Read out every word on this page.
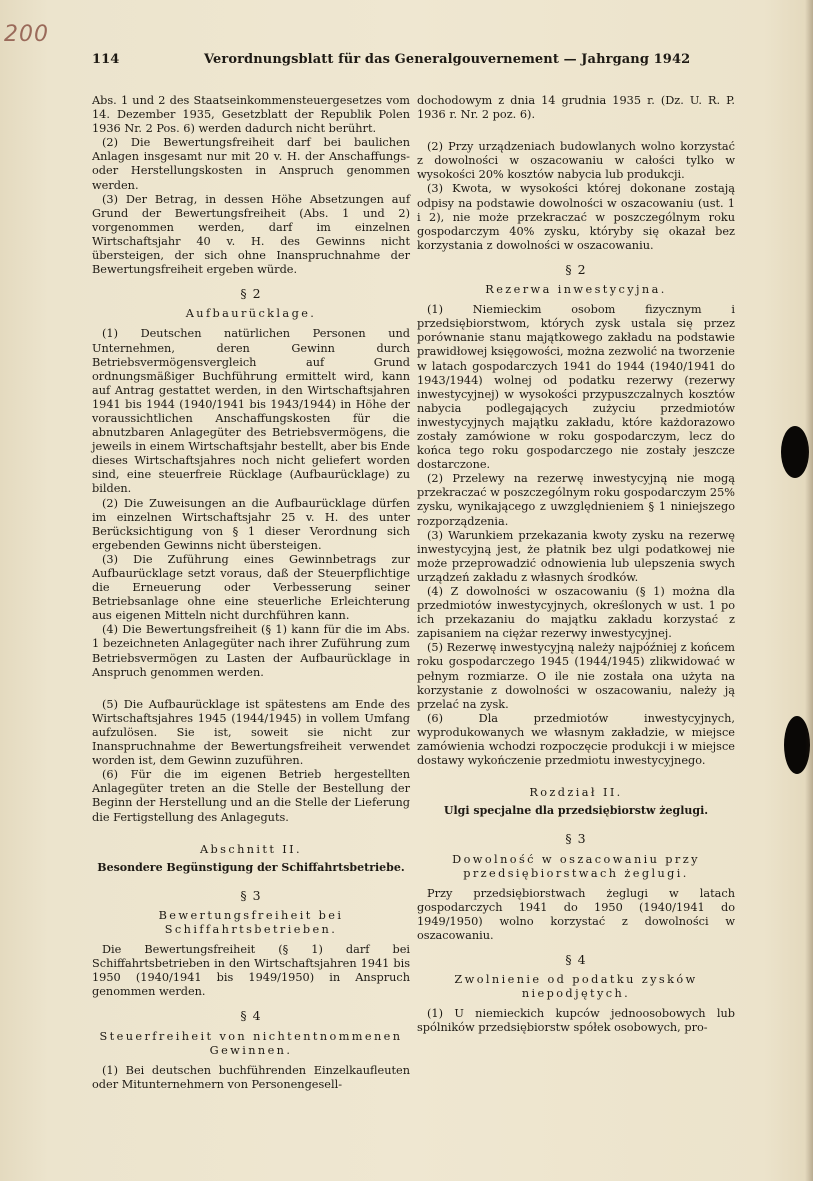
200
114	Verordnungsblatt für das Generalgouvernement — Jahrgang 1942

Abs. 1 und 2 des Staatseinkommensteuergesetzes vom 14. Dezember 1935, Gesetzblatt der Republik Polen 1936 Nr. 2 Pos. 6) werden dadurch nicht berührt.

(2) Die Bewertungsfreiheit darf bei baulichen Anlagen insgesamt nur mit 20 v. H. der Anschaffungs- oder Herstellungskosten in Anspruch genommen werden.

(3) Der Betrag, in dessen Höhe Absetzungen auf Grund der Bewertungsfreiheit (Abs. 1 und 2) vorgenommen werden, darf im einzelnen Wirtschaftsjahr 40 v. H. des Gewinns nicht übersteigen, der sich ohne Inanspruchnahme der Bewertungsfreiheit ergeben würde.

§ 2
Aufbaurücklage.

(1) Deutschen natürlichen Personen und Unternehmen, deren Gewinn durch Betriebsvermögensvergleich auf Grund ordnungsmäßiger Buchführung ermittelt wird, kann auf Antrag gestattet werden, in den Wirtschaftsjahren 1941 bis 1944 (1940/1941 bis 1943/1944) in Höhe der voraussichtlichen Anschaffungskosten für die abnutzbaren Anlagegüter des Betriebsvermögens, die jeweils in einem Wirtschaftsjahr bestellt, aber bis Ende dieses Wirtschaftsjahres noch nicht geliefert worden sind, eine steuerfreie Rücklage (Aufbaurücklage) zu bilden.

(2) Die Zuweisungen an die Aufbaurücklage dürfen im einzelnen Wirtschaftsjahr 25 v. H. des unter Berücksichtigung von § 1 dieser Verordnung sich ergebenden Gewinns nicht übersteigen.

(3) Die Zuführung eines Gewinnbetrags zur Aufbaurücklage setzt voraus, daß der Steuerpflichtige die Erneuerung oder Verbesserung seiner Betriebsanlage ohne eine steuerliche Erleichterung aus eigenen Mitteln nicht durchführen kann.

(4) Die Bewertungsfreiheit (§ 1) kann für die im Abs. 1 bezeichneten Anlagegüter nach ihrer Zuführung zum Betriebsvermögen zu Lasten der Aufbaurücklage in Anspruch genommen werden.

(5) Die Aufbaurücklage ist spätestens am Ende des Wirtschaftsjahres 1945 (1944/1945) in vollem Umfang aufzulösen. Sie ist, soweit sie nicht zur Inanspruchnahme der Bewertungsfreiheit verwendet worden ist, dem Gewinn zuzuführen.

(6) Für die im eigenen Betrieb hergestellten Anlagegüter treten an die Stelle der Bestellung der Beginn der Herstellung und an die Stelle der Lieferung die Fertigstellung des Anlageguts.

Abschnitt II.
Besondere Begünstigung der Schiffahrtsbetriebe.
§ 3
Bewertungsfreiheit bei Schiffahrtsbetrieben.

Die Bewertungsfreiheit (§ 1) darf bei Schiffahrtsbetrieben in den Wirtschaftsjahren 1941 bis 1950 (1940/1941 bis 1949/1950) in Anspruch genommen werden.

§ 4
Steuerfreiheit von nichtentnommenen Gewinnen.

(1) Bei deutschen buchführenden Einzelkaufleuten oder Mitunternehmern von Personengesell-

dochodowym z dnia 14 grudnia 1935 r. (Dz. U. R. P. 1936 r. Nr. 2 poz. 6).

(2) Przy urządzeniach budowlanych wolno korzystać z dowolności w oszacowaniu w całości tylko w wysokości 20% kosztów nabycia lub produkcji.

(3) Kwota, w wysokości której dokonane zostają odpisy na podstawie dowolności w oszacowaniu (ust. 1 i 2), nie może przekraczać w poszczególnym roku gospodarczym 40% zysku, któryby się okazał bez korzystania z dowolności w oszacowaniu.

§ 2
Rezerwa inwestycyjna.

(1) Niemieckim osobom fizycznym i przedsiębiorstwom, których zysk ustala się przez porównanie stanu majątkowego zakładu na podstawie prawidłowej księgowości, można zezwolić na tworzenie w latach gospodarczych 1941 do 1944 (1940/1941 do 1943/1944) wolnej od podatku rezerwy (rezerwy inwestycyjnej) w wysokości przypuszczalnych kosztów nabycia podlegających zużyciu przedmiotów inwestycyjnych majątku zakładu, które każdorazowo zostały zamówione w roku gospodarczym, lecz do końca tego roku gospodarczego nie zostały jeszcze dostarczone.

(2) Przelewy na rezerwę inwestycyjną nie mogą przekraczać w poszczególnym roku gospodarczym 25% zysku, wynikającego z uwzględnieniem § 1 niniejszego rozporządzenia.

(3) Warunkiem przekazania kwoty zysku na rezerwę inwestycyjną jest, że płatnik bez ulgi podatkowej nie może przeprowadzić odnowienia lub ulepszenia swych urządzeń zakładu z własnych środków.

(4) Z dowolności w oszacowaniu (§ 1) można dla przedmiotów inwestycyjnych, określonych w ust. 1 po ich przekazaniu do majątku zakładu korzystać z zapisaniem na ciężar rezerwy inwestycyjnej.

(5) Rezerwę inwestycyjną należy najpóźniej z końcem roku gospodarczego 1945 (1944/1945) zlikwidować w pełnym rozmiarze. O ile nie została ona użyta na korzystanie z dowolności w oszacowaniu, należy ją przelać na zysk.

(6) Dla przedmiotów inwestycyjnych, wyprodukowanych we własnym zakładzie, w miejsce zamówienia wchodzi rozpoczęcie produkcji i w miejsce dostawy wykończenie przedmiotu inwestycyjnego.

Rozdział II.
Ulgi specjalne dla przedsiębiorstw żeglugi.
§ 3
Dowolność w oszacowaniu przy przedsiębiorstwach żeglugi.

Przy przedsiębiorstwach żeglugi w latach gospodarczych 1941 do 1950 (1940/1941 do 1949/1950) wolno korzystać z dowolności w oszacowaniu.

§ 4
Zwolnienie od podatku zysków niepodjętych.

(1) U niemieckich kupców jednoosobowych lub spólników przedsiębiorstw spółek osobowych, pro-
